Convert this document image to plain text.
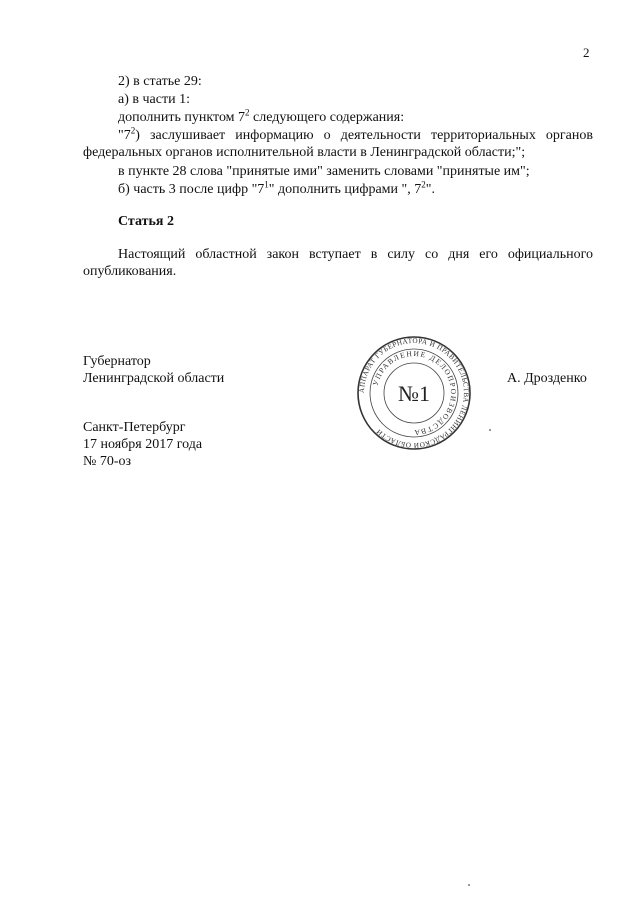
2
2) в статье 29:
а) в части 1:
дополнить пунктом $7^2$ следующего содержания:
"$7^2$) заслушивает информацию о деятельности территориальных органов федеральных органов исполнительной власти в Ленинградской области;";
в пункте 28 слова "принятые ими" заменить словами "принятые им";
б) часть 3 после цифр "$7^1$" дополнить цифрами ", $7^2$".
Статья 2
Настоящий областной закон вступает в силу со дня его официального опубликования.
Губернатор
Ленинградской области	А. Дрозденко
АППАРАТ ГУБЕРНАТОРА И ПРАВИТЕЛЬСТВА ЛЕНИНГРАДСКОЙ ОБЛАСТИ
УПРАВЛЕНИЕ ДЕЛОПРОИЗВОДСТВА
№1
Санкт-Петербург
17 ноября 2017 года
№ 70-оз
